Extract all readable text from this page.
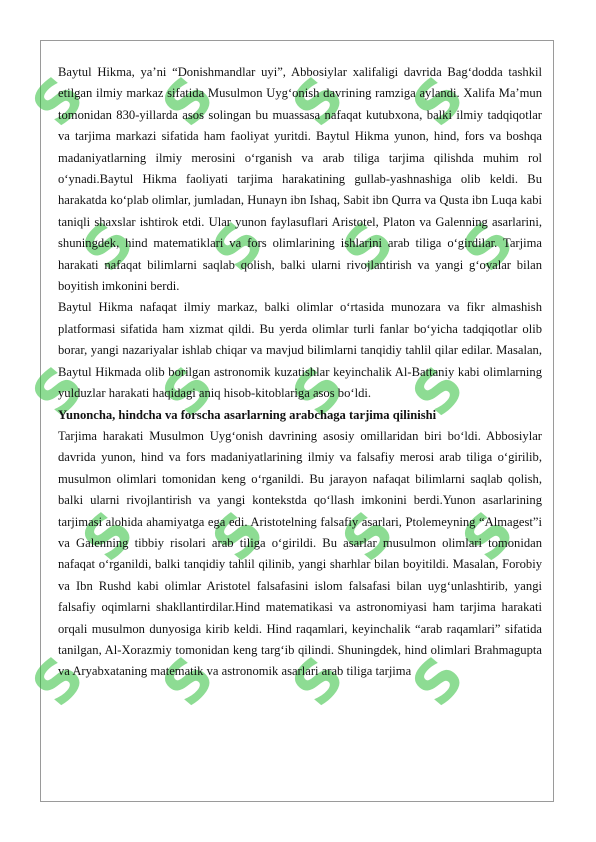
S S S S
S S S S
S S S S
S S S S
S S S S

Baytul Hikma, ya’ni “Donishmandlar uyi”, Abbosiylar xalifaligi davrida Bag‘dodda tashkil etilgan ilmiy markaz sifatida Musulmon Uyg‘onish davrining ramziga aylandi. Xalifa Ma’mun tomonidan 830-yillarda asos solingan bu muassasa nafaqat kutubxona, balki ilmiy tadqiqotlar va tarjima markazi sifatida ham faoliyat yuritdi. Baytul Hikma yunon, hind, fors va boshqa madaniyatlarning ilmiy merosini o‘rganish va arab tiliga tarjima qilishda muhim rol o‘ynadi.Baytul Hikma faoliyati tarjima harakatining gullab-yashnashiga olib keldi. Bu harakatda ko‘plab olimlar, jumladan, Hunayn ibn Ishaq, Sabit ibn Qurra va Qusta ibn Luqa kabi taniqli shaxslar ishtirok etdi. Ular yunon faylasuflari Aristotel, Platon va Galenning asarlarini, shuningdek, hind matematiklari va fors olimlarining ishlarini arab tiliga o‘girdilar. Tarjima harakati nafaqat bilimlarni saqlab qolish, balki ularni rivojlantirish va yangi g‘oyalar bilan boyitish imkonini berdi.

Baytul Hikma nafaqat ilmiy markaz, balki olimlar o‘rtasida munozara va fikr almashish platformasi sifatida ham xizmat qildi. Bu yerda olimlar turli fanlar bo‘yicha tadqiqotlar olib borar, yangi nazariyalar ishlab chiqar va mavjud bilimlarni tanqidiy tahlil qilar edilar. Masalan, Baytul Hikmada olib borilgan astronomik kuzatishlar keyinchalik Al-Battaniy kabi olimlarning yulduzlar harakati haqidagi aniq hisob-kitoblariga asos bo‘ldi.

Yunoncha, hindcha va forscha asarlarning arabchaga tarjima qilinishi

Tarjima harakati Musulmon Uyg‘onish davrining asosiy omillaridan biri bo‘ldi. Abbosiylar davrida yunon, hind va fors madaniyatlarining ilmiy va falsafiy merosi arab tiliga o‘girilib, musulmon olimlari tomonidan keng o‘rganildi. Bu jarayon nafaqat bilimlarni saqlab qolish, balki ularni rivojlantirish va yangi kontekstda qo‘llash imkonini berdi.Yunon asarlarining tarjimasi alohida ahamiyatga ega edi. Aristotelning falsafiy asarlari, Ptolemeyning “Almagest”i va Galenning tibbiy risolari arab tiliga o‘girildi. Bu asarlar musulmon olimlari tomonidan nafaqat o‘rganildi, balki tanqidiy tahlil qilinib, yangi sharhlar bilan boyitildi. Masalan, Forobiy va Ibn Rushd kabi olimlar Aristotel falsafasini islom falsafasi bilan uyg‘unlashtirib, yangi falsafiy oqimlarni shakllantirdilar.Hind matematikasi va astronomiyasi ham tarjima harakati orqali musulmon dunyosiga kirib keldi. Hind raqamlari, keyinchalik “arab raqamlari” sifatida tanilgan, Al-Xorazmiy tomonidan keng targ‘ib qilindi. Shuningdek, hind olimlari Brahmagupta va Aryabxataning matematik va astronomik asarlari arab tiliga tarjima
